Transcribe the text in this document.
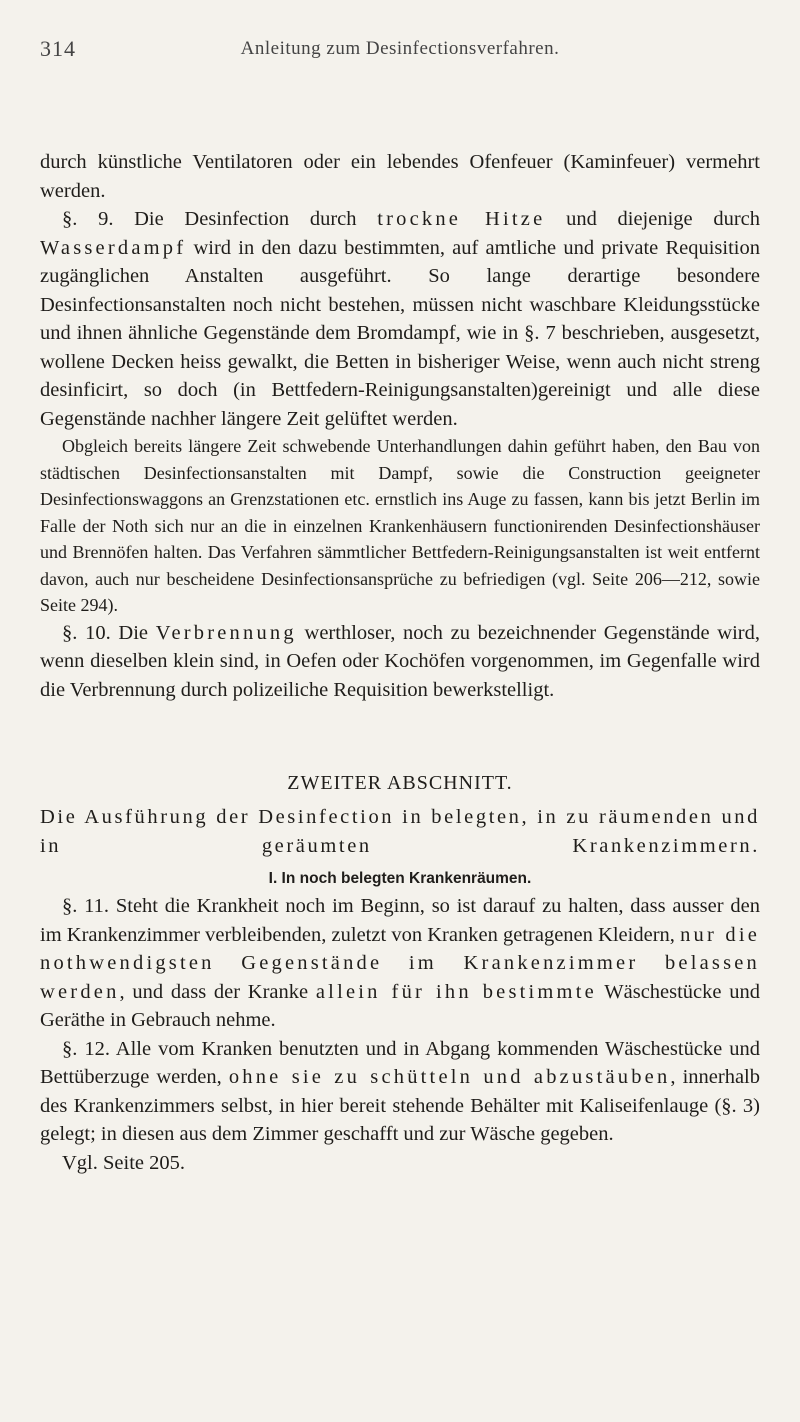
314	Anleitung zum Desinfectionsverfahren.

durch künstliche Ventilatoren oder ein lebendes Ofenfeuer (Kaminfeuer) vermehrt werden.

§. 9. Die Desinfection durch trockne Hitze und diejenige durch Wasserdampf wird in den dazu bestimmten, auf amtliche und private Requisition zugänglichen Anstalten ausgeführt. So lange derartige besondere Desinfectionsanstalten noch nicht bestehen, müssen nicht waschbare Kleidungsstücke und ihnen ähnliche Gegenstände dem Bromdampf, wie in §. 7 beschrieben, ausgesetzt, wollene Decken heiss gewalkt, die Betten in bisheriger Weise, wenn auch nicht streng desinficirt, so doch (in Bettfedern-Reinigungsanstalten)gereinigt und alle diese Gegenstände nachher längere Zeit gelüftet werden.

Obgleich bereits längere Zeit schwebende Unterhandlungen dahin geführt haben, den Bau von städtischen Desinfectionsanstalten mit Dampf, sowie die Construction geeigneter Desinfectionswaggons an Grenzstationen etc. ernstlich ins Auge zu fassen, kann bis jetzt Berlin im Falle der Noth sich nur an die in einzelnen Krankenhäusern functionirenden Desinfectionshäuser und Brennöfen halten. Das Verfahren sämmtlicher Bettfedern-Reinigungsanstalten ist weit entfernt davon, auch nur bescheidene Desinfectionsansprüche zu befriedigen (vgl. Seite 206—212, sowie Seite 294).

§. 10. Die Verbrennung werthloser, noch zu bezeichnender Gegenstände wird, wenn dieselben klein sind, in Oefen oder Kochöfen vorgenommen, im Gegenfalle wird die Verbrennung durch polizeiliche Requisition bewerkstelligt.

ZWEITER ABSCHNITT.

Die Ausführung der Desinfection in belegten, in zu räumenden und in geräumten Krankenzimmern.

I. In noch belegten Krankenräumen.

§. 11. Steht die Krankheit noch im Beginn, so ist darauf zu halten, dass ausser den im Krankenzimmer verbleibenden, zuletzt von Kranken getragenen Kleidern, nur die nothwendigsten Gegenstände im Krankenzimmer belassen werden, und dass der Kranke allein für ihn bestimmte Wäschestücke und Geräthe in Gebrauch nehme.

§. 12. Alle vom Kranken benutzten und in Abgang kommenden Wäschestücke und Bettüberzuge werden, ohne sie zu schütteln und abzustäuben, innerhalb des Krankenzimmers selbst, in hier bereit stehende Behälter mit Kaliseifenlauge (§. 3) gelegt; in diesen aus dem Zimmer geschafft und zur Wäsche gegeben.

Vgl. Seite 205.
